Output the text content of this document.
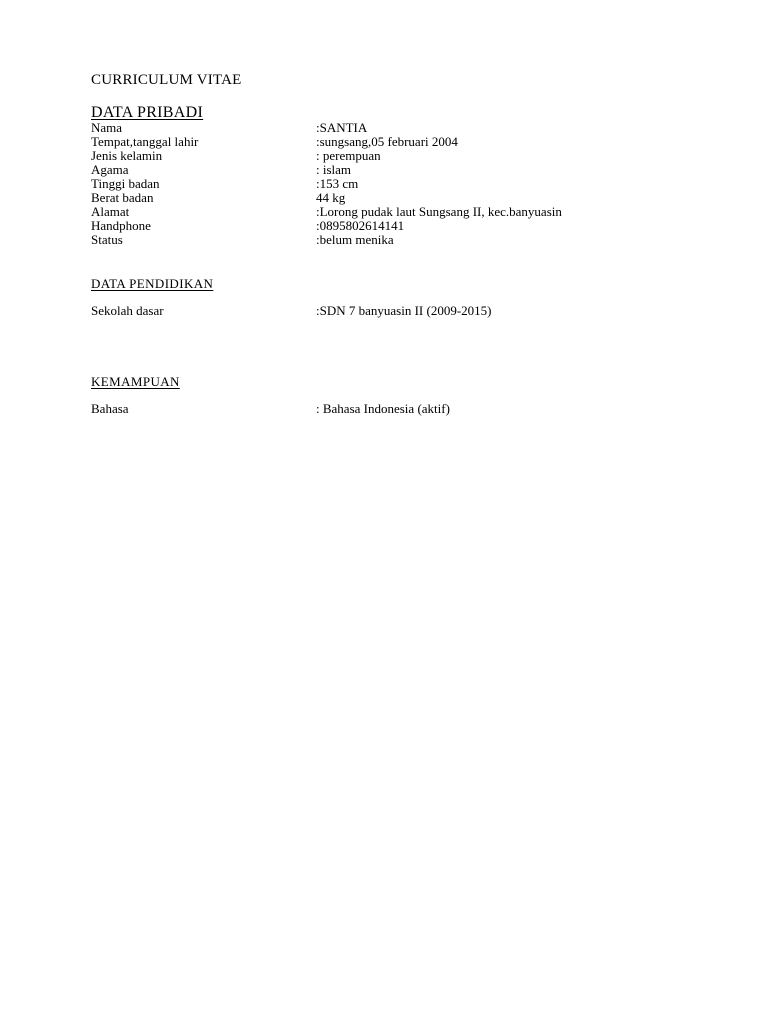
CURRICULUM VITAE
DATA PRIBADI
Nama	:SANTIA
Tempat,tanggal lahir	:sungsang,05 februari 2004
Jenis kelamin	: perempuan
Agama	: islam
Tinggi badan	:153 cm
Berat badan	44 kg
Alamat	:Lorong pudak laut Sungsang II, kec.banyuasin
Handphone	:0895802614141
Status	:belum menika
DATA PENDIDIKAN
Sekolah dasar	:SDN 7 banyuasin II (2009-2015)
KEMAMPUAN
Bahasa	: Bahasa Indonesia (aktif)
